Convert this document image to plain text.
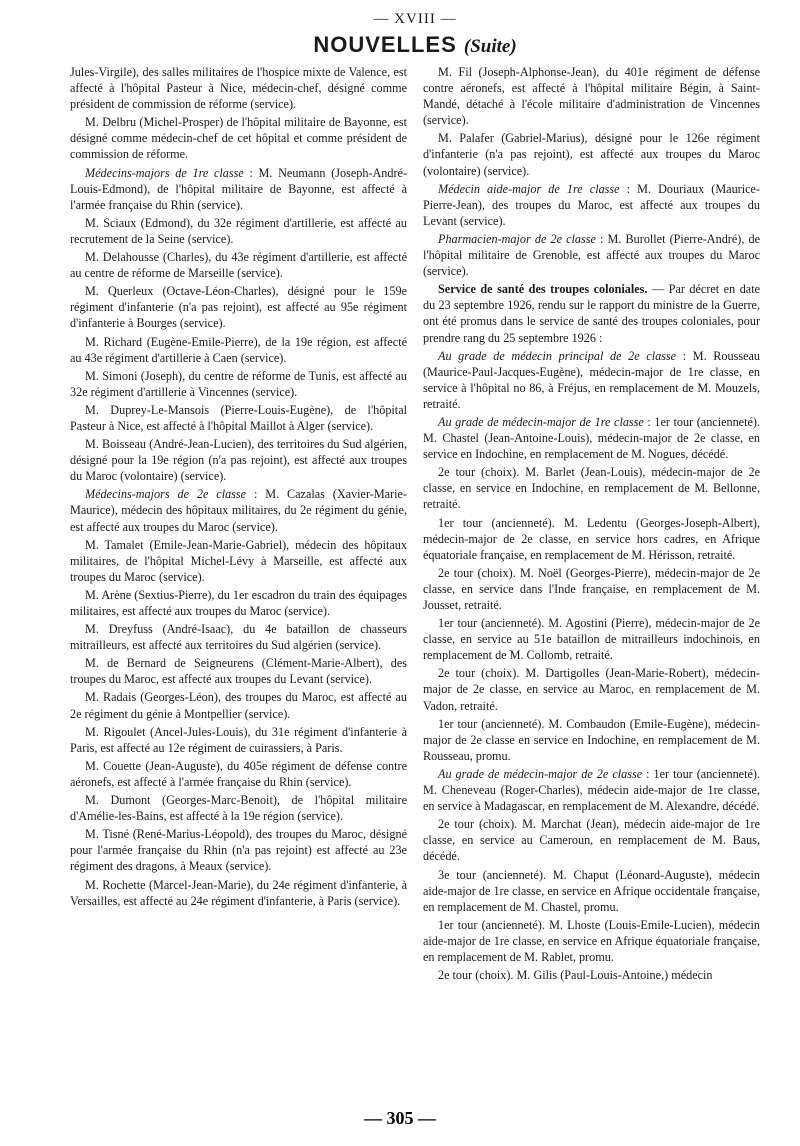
— XVIII —
NOUVELLES (Suite)

Jules-Virgile), des salles militaires de l'hospice mixte de Valence, est affecté à l'hôpital Pasteur à Nice, médecin-chef, désigné comme président de commission de réforme (service).

M. Delbru (Michel-Prosper) de l'hôpital militaire de Bayonne, est désigné comme médecin-chef de cet hôpital et comme président de commission de réforme.

Médecins-majors de 1re classe : M. Neumann (Joseph-André-Louis-Edmond), de l'hôpital militaire de Bayonne, est affecté à l'armée française du Rhin (service).

M. Sciaux (Edmond), du 32e régiment d'artillerie, est affecté au recrutement de la Seine (service).

M. Delahousse (Charles), du 43e régiment d'artillerie, est affecté au centre de réforme de Marseille (service).

M. Querleux (Octave-Léon-Charles), désigné pour le 159e régiment d'infanterie (n'a pas rejoint), est affecté au 95e régiment d'infanterie à Bourges (service).

M. Richard (Eugène-Emile-Pierre), de la 19e région, est affecté au 43e régiment d'artillerie à Caen (service).

M. Simoni (Joseph), du centre de réforme de Tunis, est affecté au 32e régiment d'artillerie à Vincennes (service).

M. Duprey-Le-Mansois (Pierre-Louis-Eugène), de l'hôpital Pasteur à Nice, est affecté à l'hôpital Maillot à Alger (service).

M. Boisseau (André-Jean-Lucien), des territoires du Sud algérien, désigné pour la 19e région (n'a pas rejoint), est affecté aux troupes du Maroc (volontaire) (service).

Médecins-majors de 2e classe : M. Cazalas (Xavier-Marie-Maurice), médecin des hôpitaux militaires, du 2e régiment du génie, est affecté aux troupes du Maroc (service).

M. Tamalet (Emile-Jean-Marie-Gabriel), médecin des hôpitaux militaires, de l'hôpital Michel-Lévy à Marseille, est affecté aux troupes du Maroc (service).

M. Arène (Sextius-Pierre), du 1er escadron du train des équipages militaires, est affecté aux troupes du Maroc (service).

M. Dreyfuss (André-Isaac), du 4e bataillon de chasseurs mitrailleurs, est affecté aux territoires du Sud algérien (service).

M. de Bernard de Seigneurens (Clément-Marie-Albert), des troupes du Maroc, est affecté aux troupes du Levant (service).

M. Radais (Georges-Léon), des troupes du Maroc, est affecté au 2e régiment du génie à Montpellier (service).

M. Rigoulet (Ancel-Jules-Louis), du 31e régiment d'infanterie à Paris, est affecté au 12e régiment de cuirassiers, à Paris.

M. Couette (Jean-Auguste), du 405e régiment de défense contre aéronefs, est affecté à l'armée française du Rhin (service).

M. Dumont (Georges-Marc-Benoit), de l'hôpital militaire d'Amélie-les-Bains, est affecté à la 19e région (service).

M. Tisné (René-Marius-Léopold), des troupes du Maroc, désigné pour l'armée française du Rhin (n'a pas rejoint) est affecté au 23e régiment des dragons, à Meaux (service).

M. Rochette (Marcel-Jean-Marie), du 24e régiment d'infanterie, à Versailles, est affecté au 24e régiment d'infanterie, à Paris (service).

M. Fil (Joseph-Alphonse-Jean), du 401e régiment de défense contre aéronefs, est affecté à l'hôpital militaire Bégin, à Saint-Mandé, détaché à l'école militaire d'administration de Vincennes (service).

M. Palafer (Gabriel-Marius), désigné pour le 126e régiment d'infanterie (n'a pas rejoint), est affecté aux troupes du Maroc (volontaire) (service).

Médecin aide-major de 1re classe : M. Douriaux (Maurice-Pierre-Jean), des troupes du Maroc, est affecté aux troupes du Levant (service).

Pharmacien-major de 2e classe : M. Burollet (Pierre-André), de l'hôpital militaire de Grenoble, est affecté aux troupes du Maroc (service).

Service de santé des troupes coloniales. — Par décret en date du 23 septembre 1926, rendu sur le rapport du ministre de la Guerre, ont été promus dans le service de santé des troupes coloniales, pour prendre rang du 25 septembre 1926 :

Au grade de médecin principal de 2e classe : M. Rousseau (Maurice-Paul-Jacques-Eugène), médecin-major de 1re classe, en service à l'hôpital no 86, à Fréjus, en remplacement de M. Mouzels, retraité.

Au grade de médecin-major de 1re classe : 1er tour (ancienneté). M. Chastel (Jean-Antoine-Louis), médecin-major de 2e classe, en service en Indochine, en remplacement de M. Nogues, décédé.

2e tour (choix). M. Barlet (Jean-Louis), médecin-major de 2e classe, en service en Indochine, en remplacement de M. Bellonne, retraité.

1er tour (ancienneté). M. Ledentu (Georges-Joseph-Albert), médecin-major de 2e classe, en service hors cadres, en Afrique équatoriale française, en remplacement de M. Hérisson, retraité.

2e tour (choix). M. Noël (Georges-Pierre), médecin-major de 2e classe, en service dans l'Inde française, en remplacement de M. Jousset, retraité.

1er tour (ancienneté). M. Agostini (Pierre), médecin-major de 2e classe, en service au 51e bataillon de mitrailleurs indochinois, en remplacement de M. Collomb, retraité.

2e tour (choix). M. Dartigolles (Jean-Marie-Robert), médecin-major de 2e classe, en service au Maroc, en remplacement de M. Vadon, retraité.

1er tour (ancienneté). M. Combaudon (Emile-Eugène), médecin-major de 2e classe en service en Indochine, en remplacement de M. Rousseau, promu.

Au grade de médecin-major de 2e classe : 1er tour (ancienneté). M. Cheneveau (Roger-Charles), médecin aide-major de 1re classe, en service à Madagascar, en remplacement de M. Alexandre, décédé.

2e tour (choix). M. Marchat (Jean), médecin aide-major de 1re classe, en service au Cameroun, en remplacement de M. Baus, décédé.

3e tour (ancienneté). M. Chaput (Léonard-Auguste), médecin aide-major de 1re classe, en service en Afrique occidentale française, en remplacement de M. Chastel, promu.

1er tour (ancienneté). M. Lhoste (Louis-Emile-Lucien), médecin aide-major de 1re classe, en service en Afrique équatoriale française, en remplacement de M. Rablet, promu.

2e tour (choix). M. Gilis (Paul-Louis-Antoine,) médecin

— 305 —
